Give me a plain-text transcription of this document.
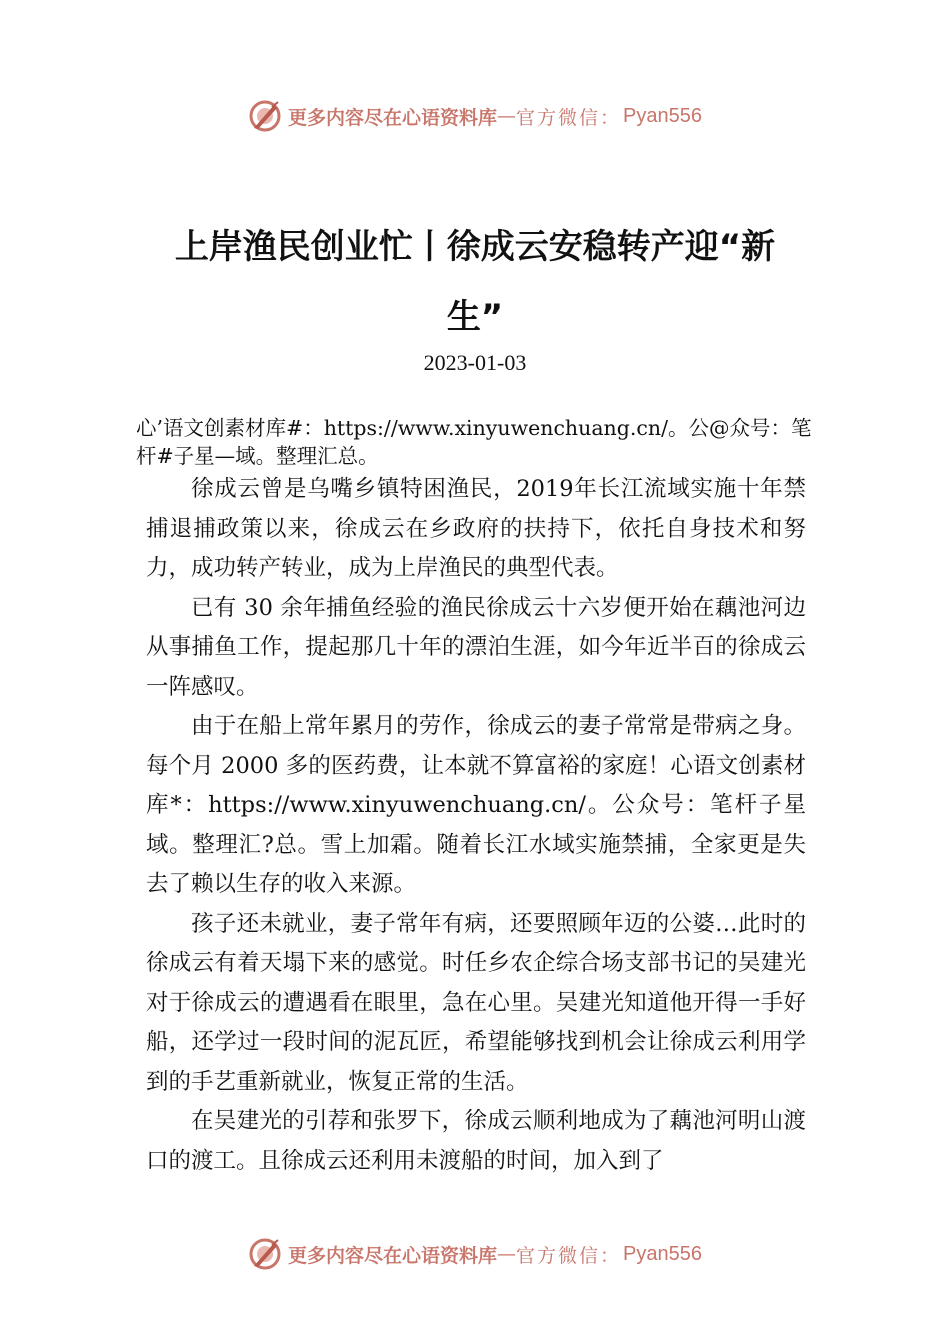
更多内容尽在心语资料库 — 官方微信： Pyan556
上岸渔民创业忙丨徐成云安稳转产迎“新生”
2023-01-03
心’语文创素材库#：https://www.xinyuwenchuang.cn/。公@众号：笔杆#子星—域。整理汇总。

徐成云曾是乌嘴乡镇特困渔民，2019年长江流域实施十年禁捕退捕政策以来，徐成云在乡政府的扶持下，依托自身技术和努力，成功转产转业，成为上岸渔民的典型代表。

已有 30 余年捕鱼经验的渔民徐成云十六岁便开始在藕池河边从事捕鱼工作，提起那几十年的漂泊生涯，如今年近半百的徐成云一阵感叹。

由于在船上常年累月的劳作，徐成云的妻子常常是带病之身。每个月 2000 多的医药费，让本就不算富裕的家庭！心语文创素材库*：https://www.xinyuwenchuang.cn/。公众号：笔杆子星域。整理汇?总。雪上加霜。随着长江水域实施禁捕，全家更是失去了赖以生存的收入来源。

孩子还未就业，妻子常年有病，还要照顾年迈的公婆…此时的徐成云有着天塌下来的感觉。时任乡农企综合场支部书记的吴建光对于徐成云的遭遇看在眼里，急在心里。吴建光知道他开得一手好船，还学过一段时间的泥瓦匠，希望能够找到机会让徐成云利用学到的手艺重新就业，恢复正常的生活。

在吴建光的引荐和张罗下，徐成云顺利地成为了藕池河明山渡口的渡工。且徐成云还利用未渡船的时间，加入到了

更多内容尽在心语资料库 — 官方微信： Pyan556
